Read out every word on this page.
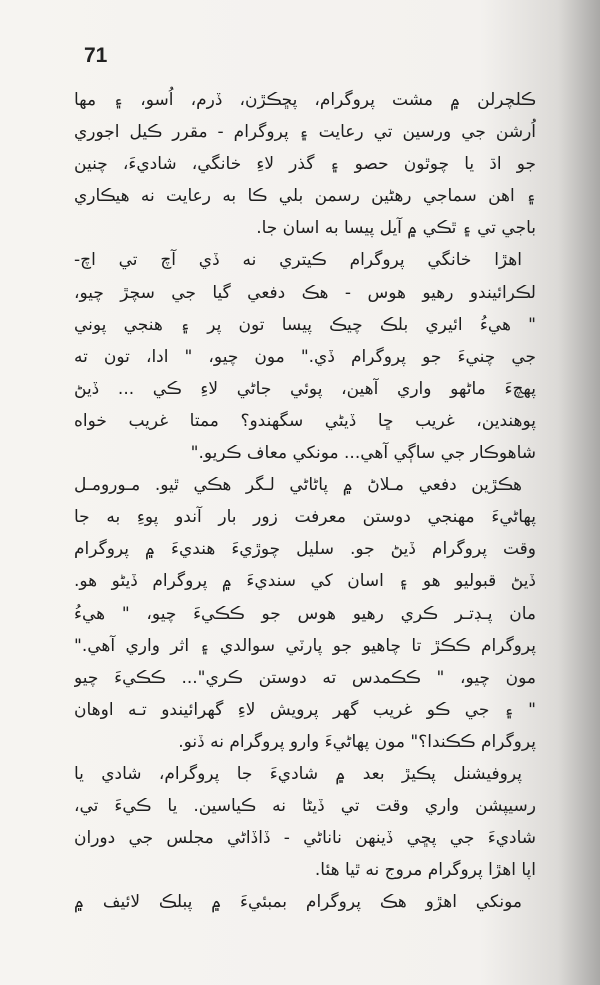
71
ڪلچرلن ۾ مشت پروگرام، پڇڪڙن، ڏرم، اُسو، ۽ مها
اُرشن جي ورسين تي رعايت ۽ پروگرام - مقرر ڪيل اجوري
جو اڌ يا چوٿون حصو ۽ گذر لاءِ خانگي، شاديءَ، چنين
۽ اهن سماجي رهڻين رسمن بلي ڪا به رعايت نه هيڪاري
باجي تي ۽ ٿڪي ۾ آيل پيسا به اسان جا.
اهڙا خانگي پروگرام ڪيتري نه ڏي آچ تي اچ-
لڪرائيندو رهيو هوس - هڪ دفعي گيا جي سچڙ چيو،
" هيءُ ائيري بلڪ چيڪ پيسا تون پر ۽ هنجي پوني
جي چنيءَ جو پروگرام ڏي." مون چيو، " ادا، تون ته
پهچءَ ماڻهو واري آهين، پوئي جاڻي لاءِ ڪي ... ڏيڻ
پوهندين، غريب ڇا ڏيڻي سگهندو؟ ممتا غريب خواه
شاهوڪار جي ساڳي آهي... مونکي معاف ڪريو."
هڪڙين دفعي مـلاڻ ۾ پاڻاڻي لـگر هڪي ٿيو. مـورومـل
پهاڻيءَ مهنجي دوستن معرفت زور بار آندو پوءِ به جا
وقت پروگرام ڏيڻ جو. سليل چوڙيءَ هنديءَ ۾ پروگرام
ڏيڻ قبوليو هو ۽ اسان کي سنديءَ ۾ پروگرام ڏيڻو هو.
مان پـڊتـر ڪري رهيو هوس جو ڪڪيءَ چيو، " هيءُ
پروگرام ڪڪڙ تا چاهيو جو پارٽي سوالدي ۽ اثر واري آهي."
مون چيو، " ڪڪمدس ته دوستن ڪري"... ڪڪيءَ چيو
" ۽ جي ڪو غريب گهر پرويش لاءِ گهرائيندو تـه اوهان
پروگرام ڪڪندا؟" مون پهاڻيءَ وارو پروگرام نه ڏنو.
پروفيشنل پڪيڙ بعد ۾ شاديءَ جا پروگرام، شادي يا
رسيپشن واري وقت تي ڏيڻا نه ڪياسين. يا ڪيءَ تي،
شاديءَ جي پڇي ڏينهن ناناڻي - ڏاڏاڻي مجلس جي دوران
اپا اهڙا پروگرام مروج نه ٿيا هئا.
مونکي اهڙو هڪ پروگرام بمبئيءَ ۾ پبلڪ لائيف ۾
